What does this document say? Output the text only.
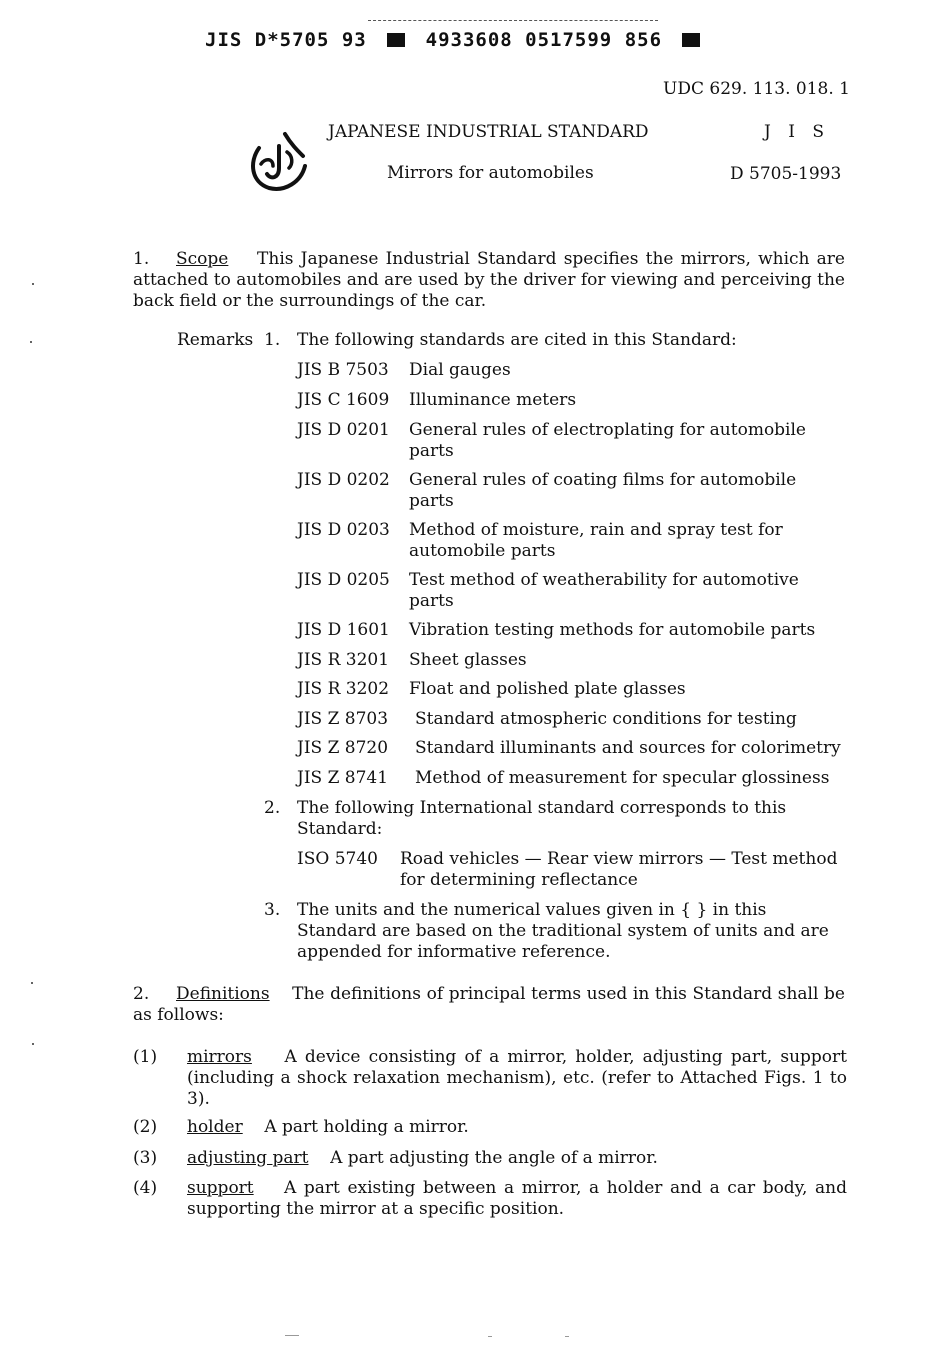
JIS D*5705 93	4933608 0517599 856
UDC 629. 113. 018. 1
JAPANESE INDUSTRIAL STANDARD	J I S
Mirrors for automobiles	D 5705-1993
1. Scope This Japanese Industrial Standard specifies the mirrors, which are attached to automobiles and are used by the driver for viewing and perceiving the back field or the surroundings of the car.
Remarks 1. The following standards are cited in this Standard:
JIS B 7503 Dial gauges
JIS C 1609 Illuminance meters
JIS D 0201 General rules of electroplating for automobile parts
JIS D 0202 General rules of coating films for automobile parts
JIS D 0203 Method of moisture, rain and spray test for automobile parts
JIS D 0205 Test method of weatherability for automotive parts
JIS D 1601 Vibration testing methods for automobile parts
JIS R 3201 Sheet glasses
JIS R 3202 Float and polished plate glasses
JIS Z 8703 Standard atmospheric conditions for testing
JIS Z 8720 Standard illuminants and sources for colorimetry
JIS Z 8741 Method of measurement for specular glossiness
2. The following International standard corresponds to this Standard:
ISO 5740 Road vehicles — Rear view mirrors — Test method for determining reflectance
3. The units and the numerical values given in { } in this Standard are based on the traditional system of units and are appended for informative reference.
2. Definitions The definitions of principal terms used in this Standard shall be as follows:
(1) mirrors A device consisting of a mirror, holder, adjusting part, support (including a shock relaxation mechanism), etc. (refer to Attached Figs. 1 to 3).
(2) holder A part holding a mirror.
(3) adjusting part A part adjusting the angle of a mirror.
(4) support A part existing between a mirror, a holder and a car body, and supporting the mirror at a specific position.
